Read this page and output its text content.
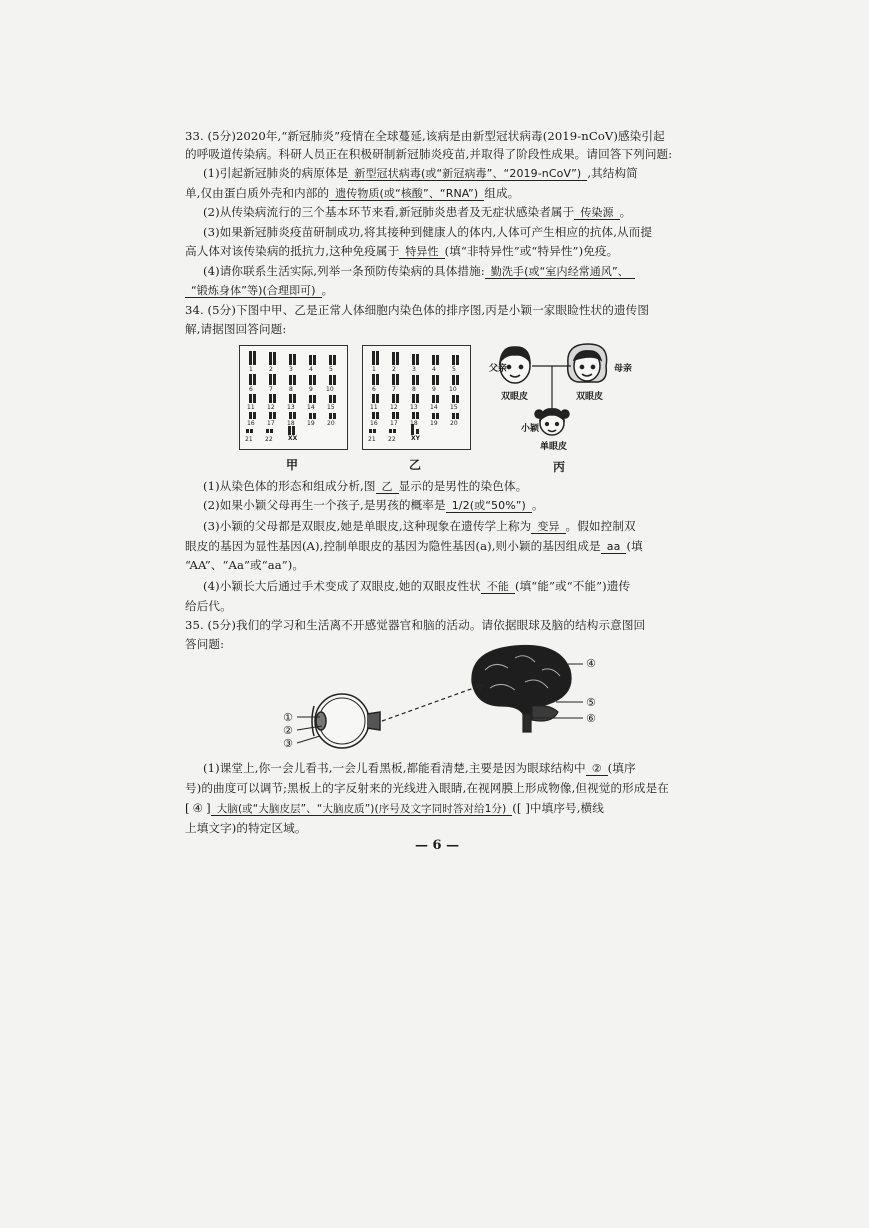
33. (5分)2020年,“新冠肺炎”疫情在全球蔓延,该病是由新型冠状病毒(2019-nCoV)感染引起
的呼吸道传染病。科研人员正在积极研制新冠肺炎疫苗,并取得了阶段性成果。请回答下列问题:
(1)引起新冠肺炎的病原体是 新型冠状病毒(或“新冠病毒”、“2019-nCoV”) ,其结构简
单,仅由蛋白质外壳和内部的 遗传物质(或“核酸”、“RNA”) 组成。
(2)从传染病流行的三个基本环节来看,新冠肺炎患者及无症状感染者属于 传染源 。
(3)如果新冠肺炎疫苗研制成功,将其接种到健康人的体内,人体可产生相应的抗体,从而提
高人体对该传染病的抵抗力,这种免疫属于 特异性 (填“非特异性”或“特异性”)免疫。
(4)请你联系生活实际,列举一条预防传染病的具体措施: 勤洗手(或“室内经常通风”、
“锻炼身体”等)(合理即可) 。
34. (5分)下图中甲、乙是正常人体细胞内染色体的排序图,丙是小颖一家眼睑性状的遗传图
解,请据图回答问题:
1	2	3	4	5
6	7	8	9 10
11 12 13 14 15
16 17 18 19 20
21 22	XX
1	2	3	4	5
6	7	8	9 10
11 12 13 14 15
16 17 18 19 20
21 22	XY
甲	乙	丙
父亲	母亲
双眼皮	双眼皮
小颖
单眼皮
(1)从染色体的形态和组成分析,图 乙 显示的是男性的染色体。
(2)如果小颖父母再生一个孩子,是男孩的概率是 1/2(或“50%”) 。
(3)小颖的父母都是双眼皮,她是单眼皮,这种现象在遗传学上称为 变异 。假如控制双
眼皮的基因为显性基因(A),控制单眼皮的基因为隐性基因(a),则小颖的基因组成是 aa (填
“AA”、“Aa”或“aa”)。
(4)小颖长大后通过手术变成了双眼皮,她的双眼皮性状 不能 (填“能”或“不能”)遗传
给后代。
35. (5分)我们的学习和生活离不开感觉器官和脑的活动。请依据眼球及脑的结构示意图回
答问题:
①
②
③
④
⑤
⑥
(1)课堂上,你一会儿看书,一会儿看黑板,都能看清楚,主要是因为眼球结构中 ② (填序
号)的曲度可以调节;黑板上的字反射来的光线进入眼睛,在视网膜上形成物像,但视觉的形成是在
[ ④ ] 大脑(或“大脑皮层”、“大脑皮质”)(序号及文字同时答对给1分) ([ ]中填序号,横线
上填文字)的特定区域。
— 6 —
